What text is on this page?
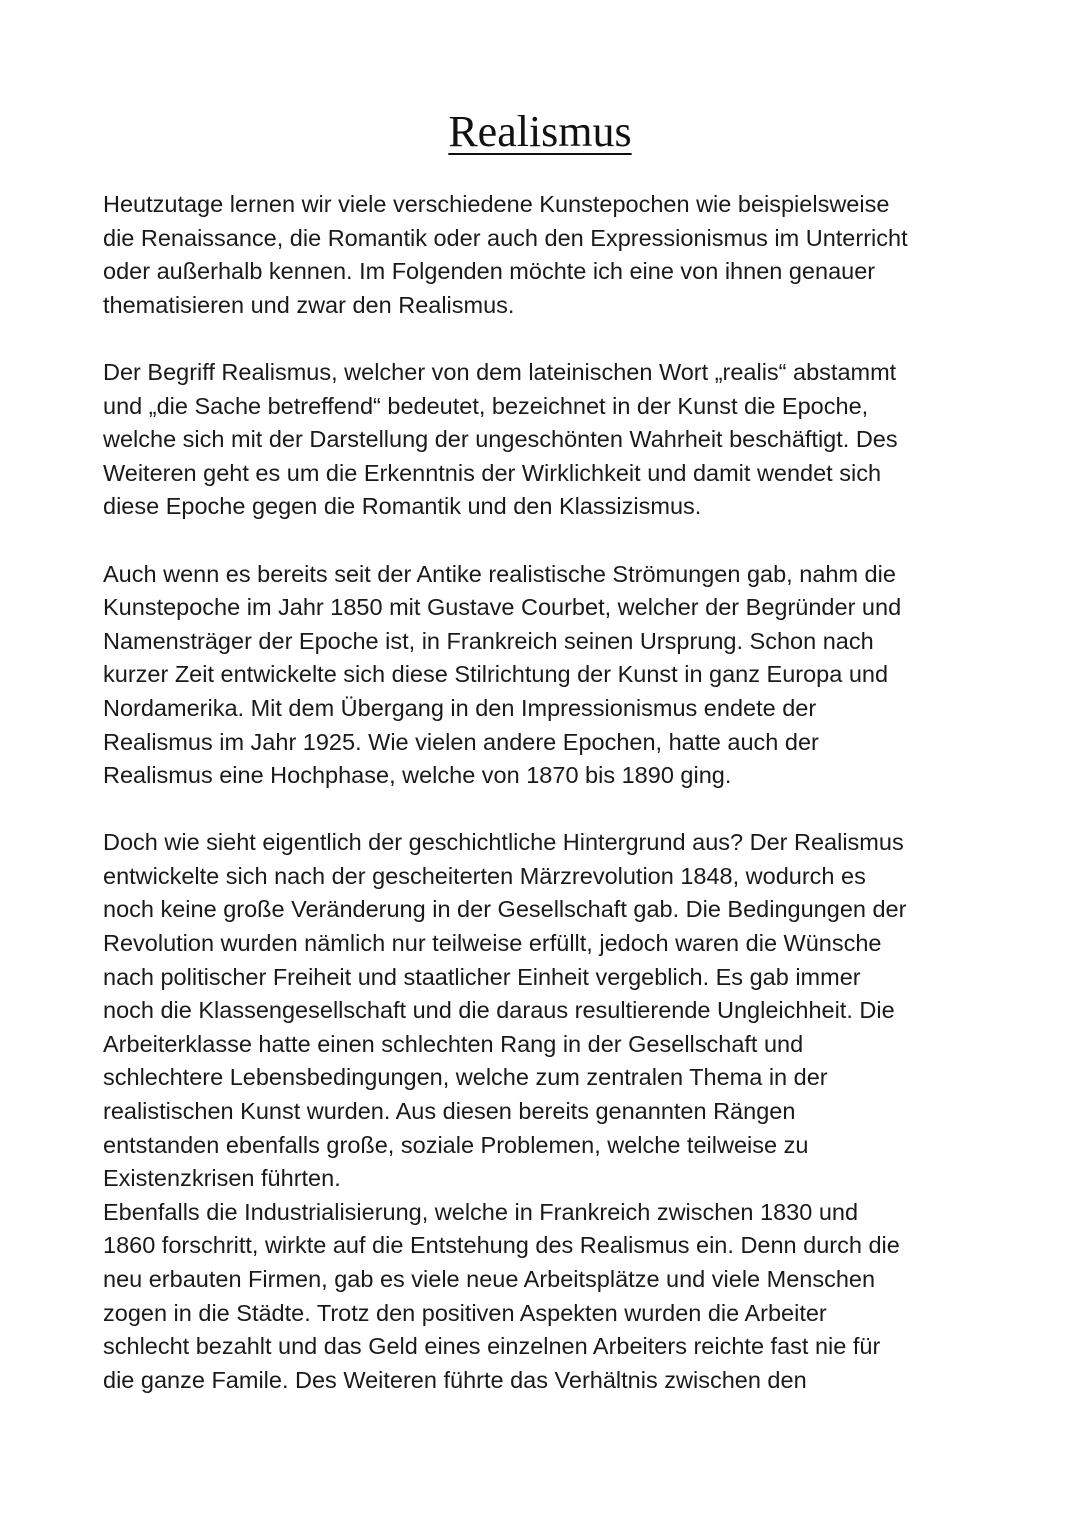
Realismus

Heutzutage lernen wir viele verschiedene Kunstepochen wie beispielsweise
die Renaissance, die Romantik oder auch den Expressionismus im Unterricht
oder außerhalb kennen. Im Folgenden möchte ich eine von ihnen genauer
thematisieren und zwar den Realismus.

Der Begriff Realismus, welcher von dem lateinischen Wort „realis“ abstammt
und „die Sache betreffend“ bedeutet, bezeichnet in der Kunst die Epoche,
welche sich mit der Darstellung der ungeschönten Wahrheit beschäftigt. Des
Weiteren geht es um die Erkenntnis der Wirklichkeit und damit wendet sich
diese Epoche gegen die Romantik und den Klassizismus.

Auch wenn es bereits seit der Antike realistische Strömungen gab, nahm die
Kunstepoche im Jahr 1850 mit Gustave Courbet, welcher der Begründer und
Namensträger der Epoche ist, in Frankreich seinen Ursprung. Schon nach
kurzer Zeit entwickelte sich diese Stilrichtung der Kunst in ganz Europa und
Nordamerika. Mit dem Übergang in den Impressionismus endete der
Realismus im Jahr 1925. Wie vielen andere Epochen, hatte auch der
Realismus eine Hochphase, welche von 1870 bis 1890 ging.

Doch wie sieht eigentlich der geschichtliche Hintergrund aus? Der Realismus
entwickelte sich nach der gescheiterten Märzrevolution 1848, wodurch es
noch keine große Veränderung in der Gesellschaft gab. Die Bedingungen der
Revolution wurden nämlich nur teilweise erfüllt, jedoch waren die Wünsche
nach politischer Freiheit und staatlicher Einheit vergeblich. Es gab immer
noch die Klassengesellschaft und die daraus resultierende Ungleichheit. Die
Arbeiterklasse hatte einen schlechten Rang in der Gesellschaft und
schlechtere Lebensbedingungen, welche zum zentralen Thema in der
realistischen Kunst wurden. Aus diesen bereits genannten Rängen
entstanden ebenfalls große, soziale Problemen, welche teilweise zu
Existenzkrisen führten.

Ebenfalls die Industrialisierung, welche in Frankreich zwischen 1830 und
1860 forschritt, wirkte auf die Entstehung des Realismus ein. Denn durch die
neu erbauten Firmen, gab es viele neue Arbeitsplätze und viele Menschen
zogen in die Städte. Trotz den positiven Aspekten wurden die Arbeiter
schlecht bezahlt und das Geld eines einzelnen Arbeiters reichte fast nie für
die ganze Famile. Des Weiteren führte das Verhältnis zwischen den
